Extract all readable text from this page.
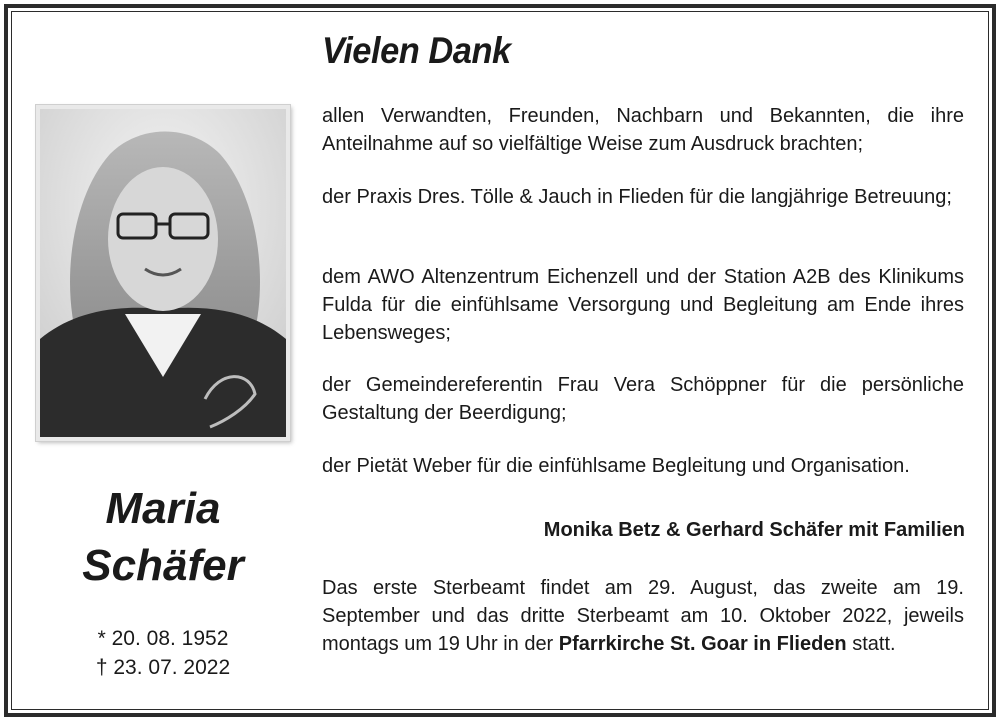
Vielen Dank
Maria
Schäfer
* 20. 08. 1952
† 23. 07. 2022

allen Verwandten, Freunden, Nachbarn und Bekannten, die ihre Anteilnahme auf so vielfältige Weise zum Ausdruck brachten;

der Praxis Dres. Tölle & Jauch in Flieden für die langjährige Betreuung;

dem AWO Altenzentrum Eichenzell und der Station A2B des Klinikums Fulda für die einfühlsame Versorgung und Begleitung am Ende ihres Lebensweges;

der Gemeindereferentin Frau Vera Schöppner für die persönliche Gestaltung der Beerdigung;

der Pietät Weber für die einfühlsame Begleitung und Organisation.

Monika Betz & Gerhard Schäfer mit Familien

Das erste Sterbeamt findet am 29. August, das zweite am 19. September und das dritte Sterbeamt am 10. Oktober 2022, jeweils montags um 19 Uhr in der Pfarrkirche St. Goar in Flieden statt.
